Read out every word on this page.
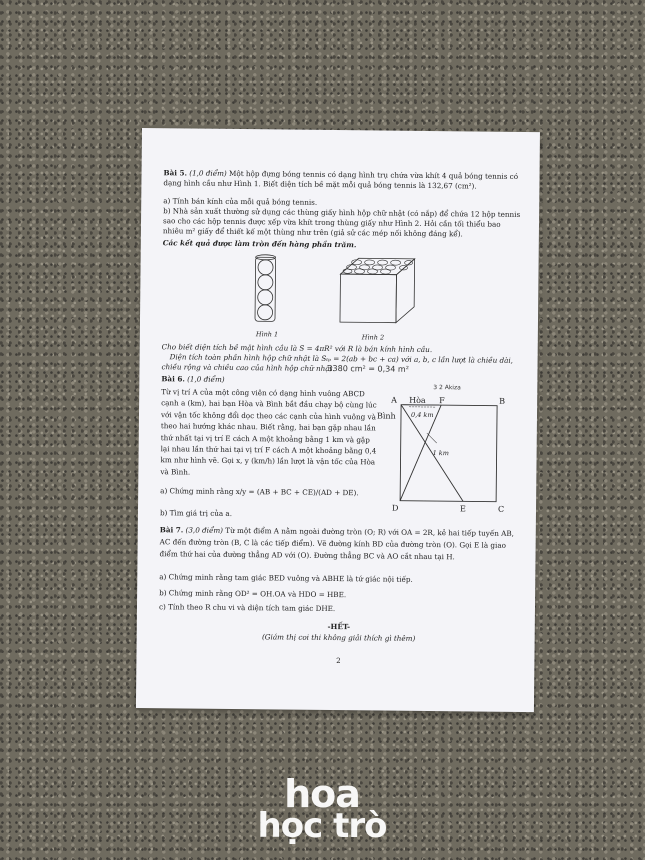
Bài 5. (1,0 điểm) Một hộp đựng bóng tennis có dạng hình trụ chứa vừa khít 4 quả bóng tennis có dạng hình cầu như Hình 1. Biết diện tích bề mặt mỗi quả bóng tennis là 132,67 (cm²).
a) Tính bán kính của mỗi quả bóng tennis.
b) Nhà sản xuất thường sử dụng các thùng giấy hình hộp chữ nhật (có nắp) để chứa 12 hộp tennis sao cho các hộp tennis được xếp vừa khít trong thùng giấy như Hình 2. Hỏi cần tối thiểu bao nhiêu m² giấy để thiết kế một thùng như trên (giả sử các mép nối không đáng kể).
Các kết quả được làm tròn đến hàng phần trăm.
Hình 1	Hình 2
Cho biết diện tích bề mặt hình cầu là S = 4πR² với R là bán kính hình cầu.
Diện tích toàn phần hình hộp chữ nhật là Sₜₚ = 2(ab + bc + ca) với a, b, c lần lượt là chiều dài, chiều rộng và chiều cao của hình hộp chữ nhật.
3380 cm² = 0,34 m²
Bài 6. (1,0 điểm)
Từ vị trí A của một công viên có dạng hình vuông ABCD cạnh a (km), hai bạn Hòa và Bình bắt đầu chạy bộ cùng lúc với vận tốc không đổi dọc theo các cạnh của hình vuông và theo hai hướng khác nhau. Biết rằng, hai bạn gặp nhau lần thứ nhất tại vị trí E cách A một khoảng bằng 1 km và gặp lại nhau lần thứ hai tại vị trí F cách A một khoảng bằng 0,4 km như hình vẽ. Gọi x, y (km/h) lần lượt là vận tốc của Hòa và Bình.
a) Chứng minh rằng x/y = (AB + BC + CE)/(AD + DE).
b) Tìm giá trị của a.
3 2 Akiza
A	B
C
D	E
F
Hòa
Bình 0,4 km
1 km
Bài 7. (3,0 điểm) Từ một điểm A nằm ngoài đường tròn (O; R) với OA = 2R, kẻ hai tiếp tuyến AB, AC đến đường tròn (B, C là các tiếp điểm). Vẽ đường kính BD của đường tròn (O). Gọi E là giao điểm thứ hai của đường thẳng AD với (O). Đường thẳng BC và AO cắt nhau tại H.
a) Chứng minh rằng tam giác BED vuông và ABHE là tứ giác nội tiếp.
b) Chứng minh rằng OD² = OH.OA và HDO = HBE.
c) Tính theo R chu vi và diện tích tam giác DHE.
-HẾT-
(Giám thị coi thi không giải thích gì thêm)
2
hoa
học trò
